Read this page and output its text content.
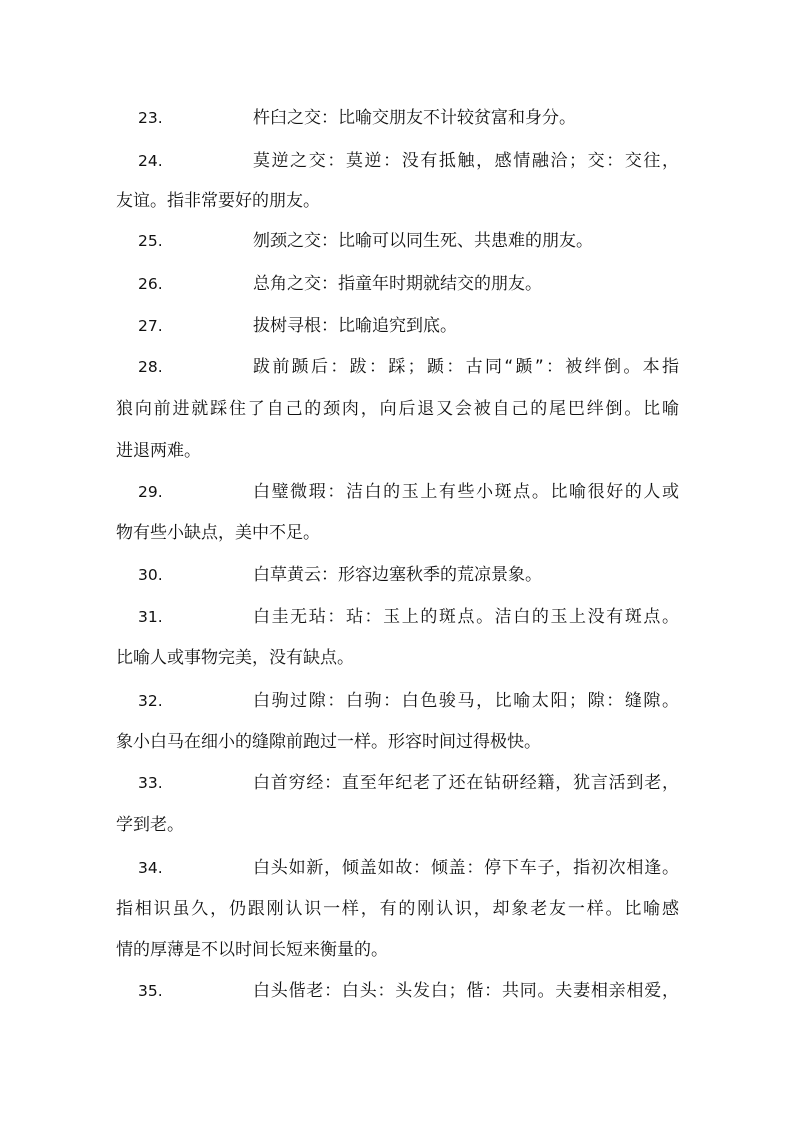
23.	杵臼之交：比喻交朋友不计较贫富和身分。
24.	莫逆之交：莫逆：没有抵触，感情融洽；交：交往，
友谊。指非常要好的朋友。
25.	刎颈之交：比喻可以同生死、共患难的朋友。
26.	总角之交：指童年时期就结交的朋友。
27.	拔树寻根：比喻追究到底。
28.	跋前踬后：跋：踩；踬：古同“踬”：被绊倒。本指
狼向前进就踩住了自己的颈肉，向后退又会被自己的尾巴绊倒。比喻
进退两难。
29.	白璧微瑕：洁白的玉上有些小斑点。比喻很好的人或
物有些小缺点，美中不足。
30.	白草黄云：形容边塞秋季的荒凉景象。
31.	白圭无玷：玷：玉上的斑点。洁白的玉上没有斑点。
比喻人或事物完美，没有缺点。
32.	白驹过隙：白驹：白色骏马，比喻太阳；隙：缝隙。
象小白马在细小的缝隙前跑过一样。形容时间过得极快。
33.	白首穷经：直至年纪老了还在钻研经籍，犹言活到老，
学到老。
34.	白头如新，倾盖如故：倾盖：停下车子，指初次相逢。
指相识虽久，仍跟刚认识一样，有的刚认识，却象老友一样。比喻感
情的厚薄是不以时间长短来衡量的。
35.	白头偕老：白头：头发白；偕：共同。夫妻相亲相爱，
